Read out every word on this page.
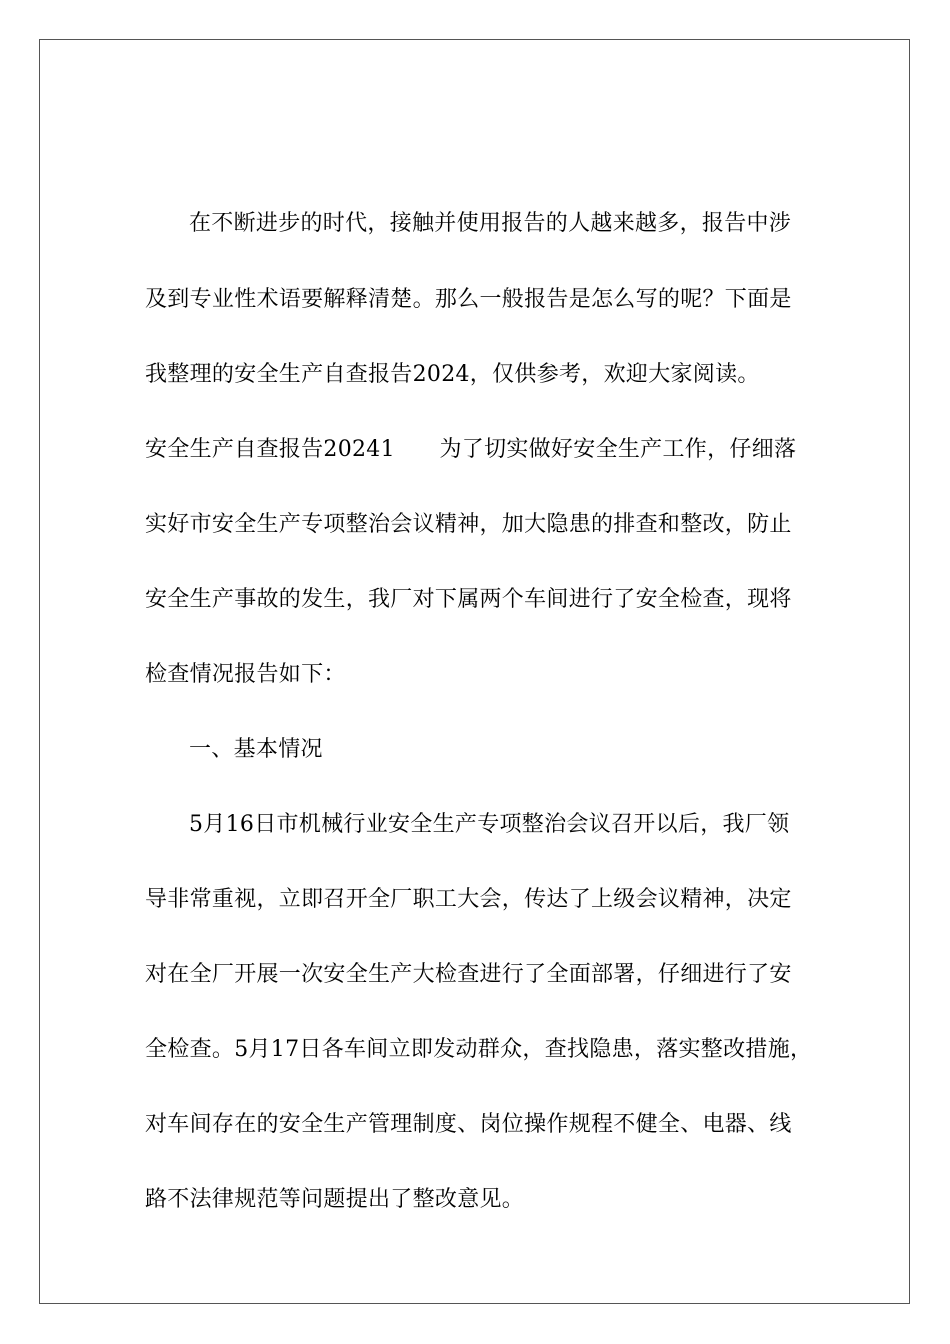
在不断进步的时代，接触并使用报告的人越来越多，报告中涉
及到专业性术语要解释清楚。那么一般报告是怎么写的呢？下面是
我整理的安全生产自查报告2024，仅供参考，欢迎大家阅读。
安全生产自查报告20241　　为了切实做好安全生产工作，仔细落
实好市安全生产专项整治会议精神，加大隐患的排查和整改，防止
安全生产事故的发生，我厂对下属两个车间进行了安全检查，现将
检查情况报告如下：
一、基本情况
5月16日市机械行业安全生产专项整治会议召开以后，我厂领
导非常重视，立即召开全厂职工大会，传达了上级会议精神，决定
对在全厂开展一次安全生产大检查进行了全面部署，仔细进行了安
全检查。5月17日各车间立即发动群众，查找隐患，落实整改措施，
对车间存在的安全生产管理制度、岗位操作规程不健全、电器、线
路不法律规范等问题提出了整改意见。
